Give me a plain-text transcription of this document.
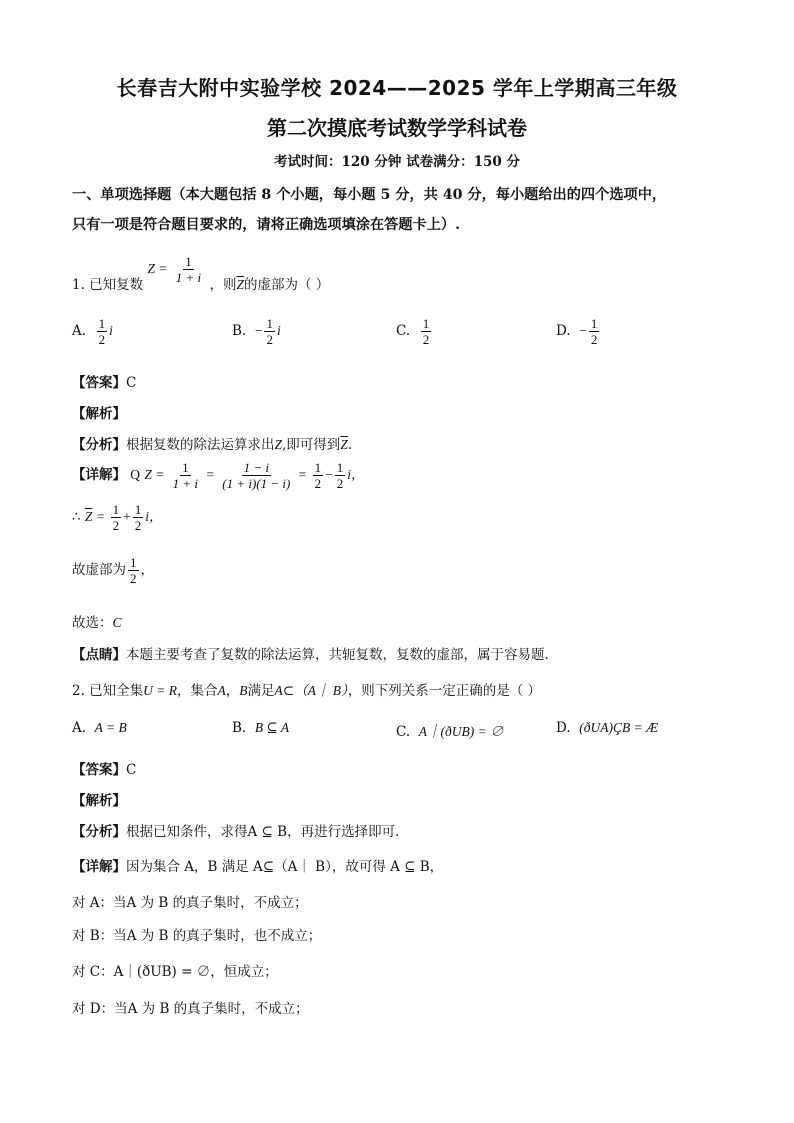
长春吉大附中实验学校 2024——2025 学年上学期高三年级
第二次摸底考试数学学科试卷
考试时间：120 分钟 试卷满分：150 分
一、单项选择题（本大题包括 8 个小题，每小题 5 分，共 40 分，每小题给出的四个选项中，
只有一项是符合题目要求的，请将正确选项填涂在答题卡上）.
1. 已知复数 $Z = \frac{1}{1 + i}$ ，则$\overline{Z}$的虚部为（ ）
A. $\frac{1}{2}$ i	B. − $\frac{1}{2}$ i	C. $\frac{1}{2}$	D. − $\frac{1}{2}$
【答案】C
【解析】
【分析】根据复数的除法运算求出Z,即可得到$\overline{Z}$.
【详解】 Q $Z = \frac{1}{1 + i} = \frac{1 - i}{(1 + i)(1 - i)} = \frac{1}{2} - \frac{1}{2}$ i，
∴ $\overline{Z} = \frac{1}{2} + \frac{1}{2}$ i，
故虚部为 $\frac{1}{2}$ ，
故选：C
【点睛】本题主要考查了复数的除法运算，共轭复数，复数的虚部，属于容易题.
2. 已知全集U = R，集合A，B满足A⊂（A｜ B），则下列关系一定正确的是（ ）
A. A = B	B. B ⊆ A	C. A｜(ðUB) = ∅	D. (ðUA)ÇB = Æ
【答案】C
【解析】
【分析】根据已知条件，求得A ⊆ B，再进行选择即可.
【详解】因为集合 A，B 满足 A⊆（A｜ B），故可得 A ⊆ B，
对 A：当A 为 B 的真子集时，不成立；
对 B：当A 为 B 的真子集时，也不成立；
对 C：A｜(ðUB) = ∅，恒成立；
对 D：当A 为 B 的真子集时，不成立；
